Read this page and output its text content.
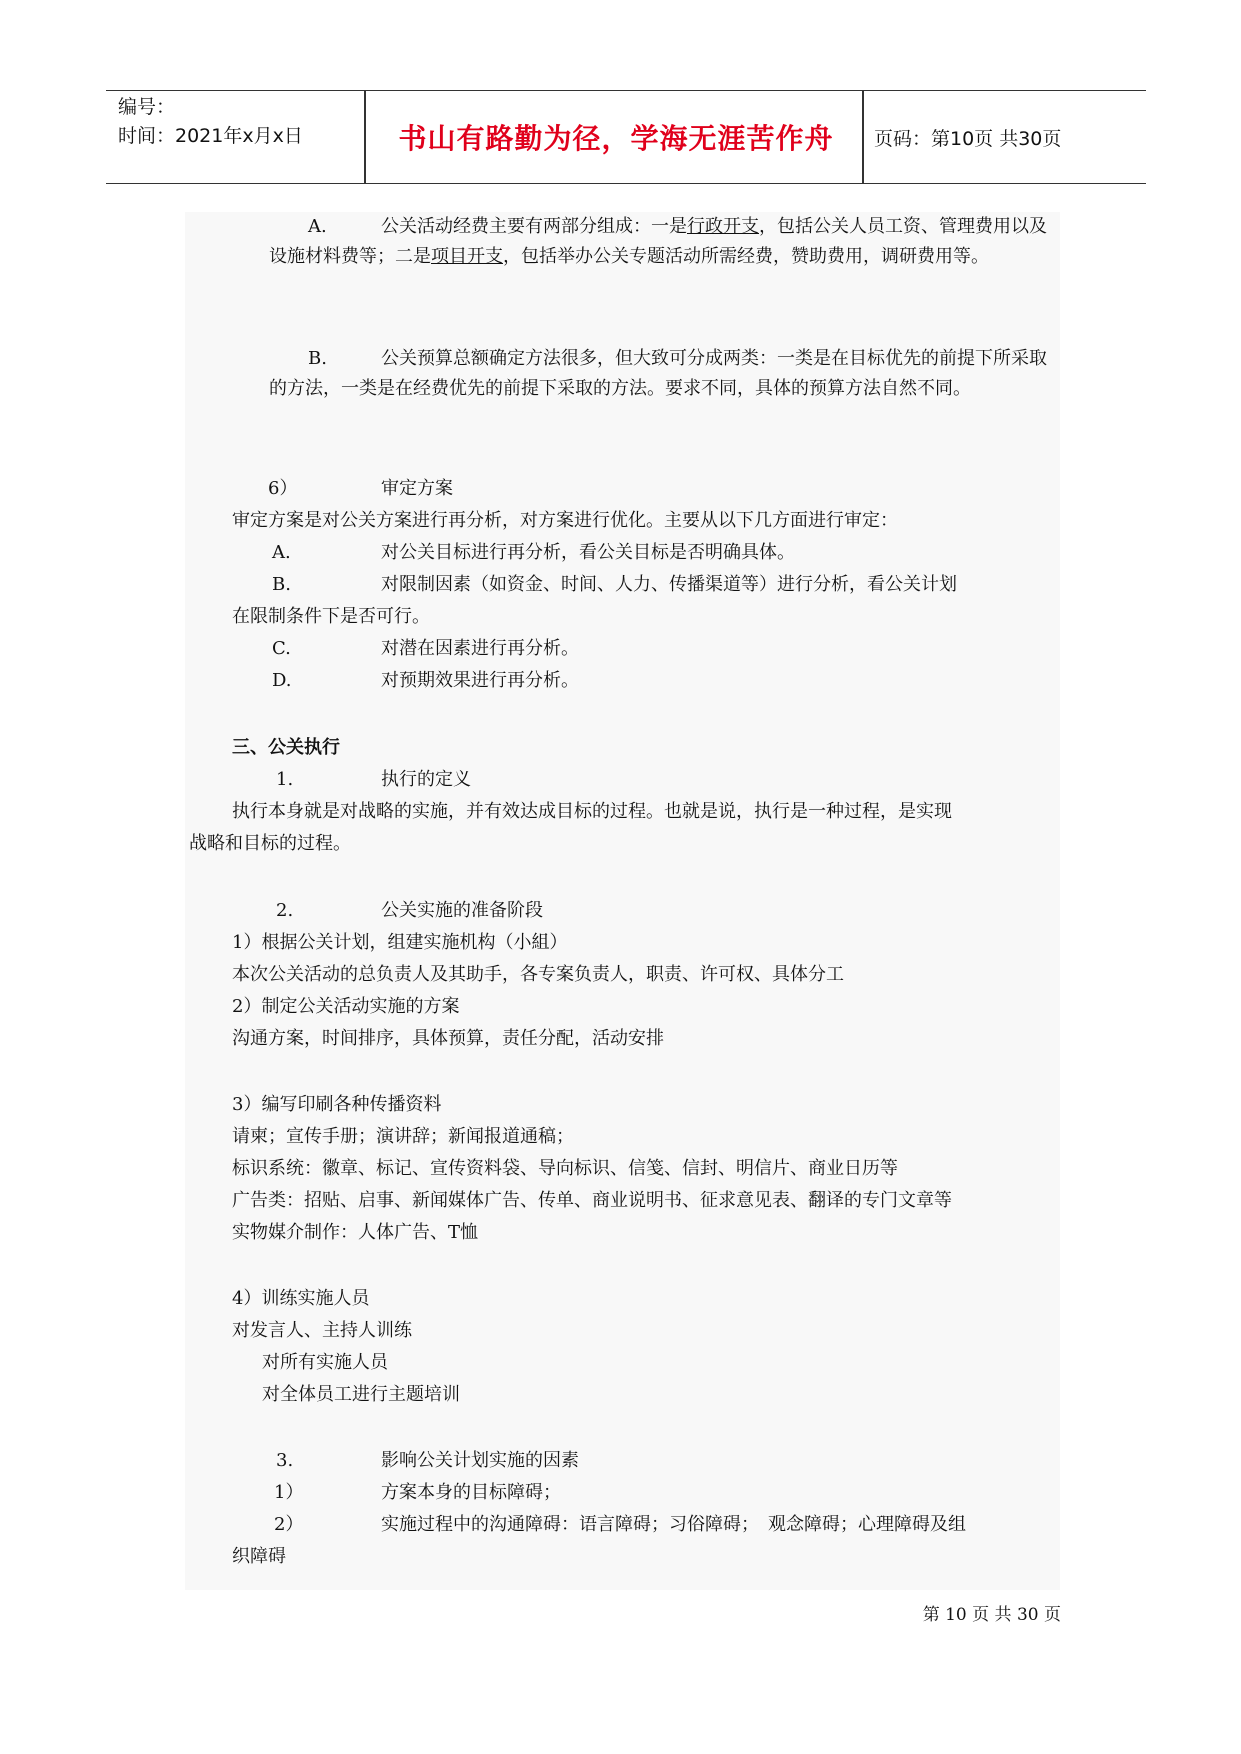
编号：
时间：2021年x月x日	书山有路勤为径，学海无涯苦作舟	页码：第10页 共30页
A.	公关活动经费主要有两部分组成：一是行政开支，包括公关人员工资、管理费用以及设施材料费等；二是项目开支，包括举办公关专题活动所需经费，赞助费用，调研费用等。
B.	公关预算总额确定方法很多，但大致可分成两类：一类是在目标优先的前提下所采取的方法，一类是在经费优先的前提下采取的方法。要求不同，具体的预算方法自然不同。
6）	审定方案
审定方案是对公关方案进行再分析，对方案进行优化。主要从以下几方面进行审定：
A.	对公关目标进行再分析，看公关目标是否明确具体。
B.	对限制因素（如资金、时间、人力、传播渠道等）进行分析，看公关计划
在限制条件下是否可行。
C.	对潜在因素进行再分析。
D.	对预期效果进行再分析。
三、公关执行
1.	执行的定义
执行本身就是对战略的实施，并有效达成目标的过程。也就是说，执行是一种过程，是实现
战略和目标的过程。
2.	公关实施的准备阶段
1）根据公关计划，组建实施机构（小組）
本次公关活动的总负责人及其助手，各专案负责人，职责、许可权、具体分工
2）制定公关活动实施的方案
沟通方案，时间排序，具体预算，责任分配，活动安排
3）编写印刷各种传播资料
请柬；宣传手册；演讲辞；新闻报道通稿；
标识系统：徽章、标记、宣传资料袋、导向标识、信笺、信封、明信片、商业日历等
广告类：招贴、启事、新闻媒体广告、传单、商业说明书、征求意见表、翻译的专门文章等
实物媒介制作：人体广告、T恤
4）训练实施人员
对发言人、主持人训练
对所有实施人员
对全体员工进行主题培训
3.	影响公关计划实施的因素
1）	方案本身的目标障碍；
2）	实施过程中的沟通障碍：语言障碍；习俗障碍；　观念障碍；心理障碍及组
织障碍
第 10 页 共 30 页
